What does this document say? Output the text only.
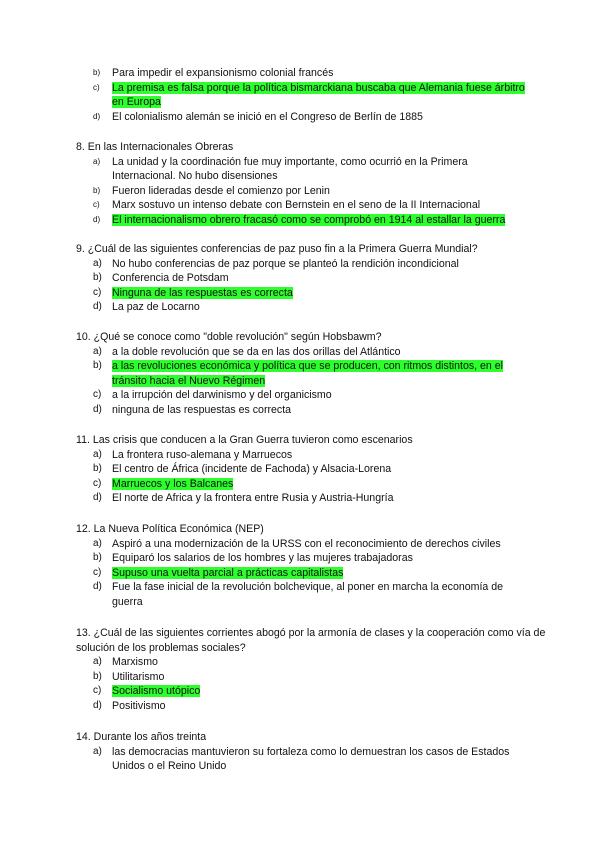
b) Para impedir el expansionismo colonial francés
c) La premisa es falsa porque la política bismarckiana buscaba que Alemania fuese árbitro en Europa
d) El colonialismo alemán se inició en el Congreso de Berlín de 1885
8. En las Internacionales Obreras
a) La unidad y la coordinación fue muy importante, como ocurrió en la Primera Internacional. No hubo disensiones
b) Fueron lideradas desde el comienzo por Lenin
c) Marx sostuvo un intenso debate con Bernstein en el seno de la II Internacional
d) El internacionalismo obrero fracasó como se comprobó en 1914 al estallar la guerra
9. ¿Cuál de las siguientes conferencias de paz puso fin a la Primera Guerra Mundial?
a) No hubo conferencias de paz porque se planteó la rendición incondicional
b) Conferencia de Potsdam
c) Ninguna de las respuestas es correcta
d) La paz de Locarno
10. ¿Qué se conoce como "doble revolución" según Hobsbawm?
a) a la doble revolución que se da en las dos orillas del Atlántico
b) a las revoluciones económica y política que se producen, con ritmos distintos, en el tránsito hacia el Nuevo Régimen
c) a la irrupción del darwinismo y del organicismo
d) ninguna de las respuestas es correcta
11. Las crisis que conducen a la Gran Guerra tuvieron como escenarios
a) La frontera ruso-alemana y Marruecos
b) El centro de África (incidente de Fachoda) y Alsacia-Lorena
c) Marruecos y los Balcanes
d) El norte de Africa y la frontera entre Rusia y Austria-Hungría
12. La Nueva Política Económica (NEP)
a) Aspiró a una modernización de la URSS con el reconocimiento de derechos civiles
b) Equiparó los salarios de los hombres y las mujeres trabajadoras
c) Supuso una vuelta parcial a prácticas capitalistas
d) Fue la fase inicial de la revolución bolchevique, al poner en marcha la economía de guerra
13. ¿Cuál de las siguientes corrientes abogó por la armonía de clases y la cooperación como vía de solución de los problemas sociales?
a) Marxismo
b) Utilitarismo
c) Socialismo utópico
d) Positivismo
14. Durante los años treinta
a) las democracias mantuvieron su fortaleza como lo demuestran los casos de Estados Unidos o el Reino Unido
